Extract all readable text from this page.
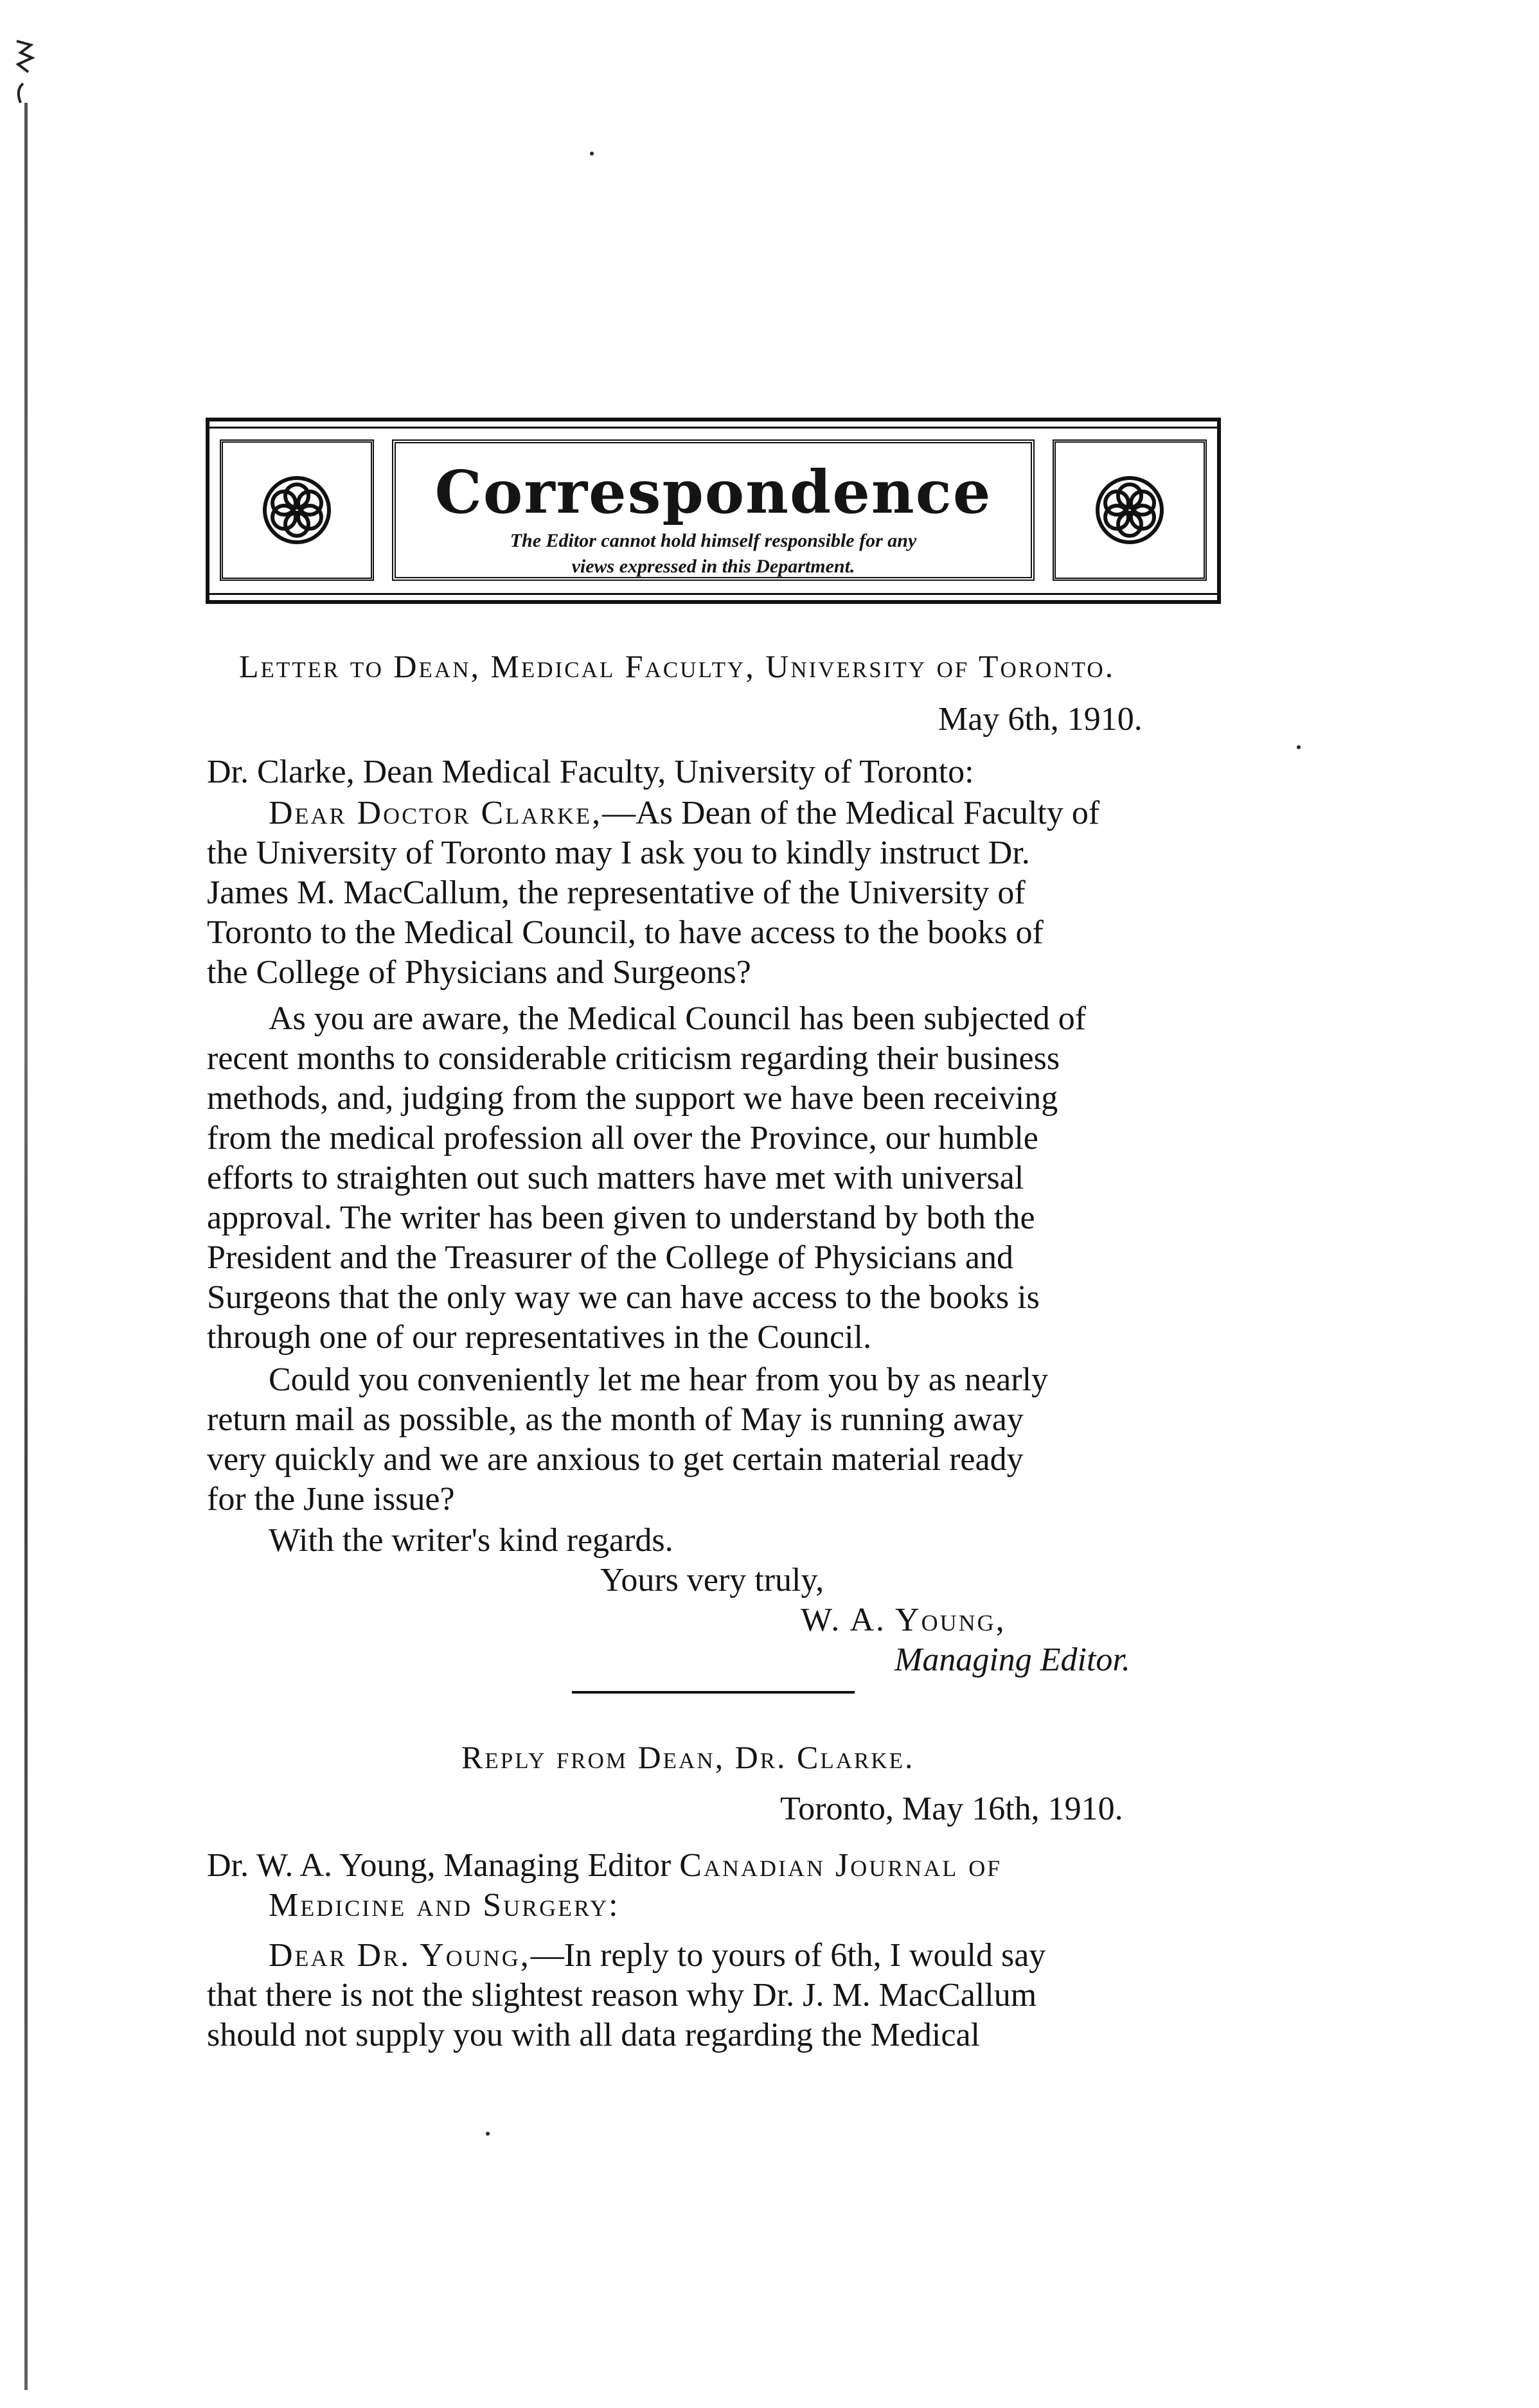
Correspondence
The Editor cannot hold himself responsible for any
views expressed in this Department.
Letter to Dean, Medical Faculty, University of Toronto.
May 6th, 1910.
Dr. Clarke, Dean Medical Faculty, University of Toronto:
Dear Doctor Clarke,—As Dean of the Medical Faculty of
the University of Toronto may I ask you to kindly instruct Dr.
James M. MacCallum, the representative of the University of
Toronto to the Medical Council, to have access to the books of
the College of Physicians and Surgeons?
As you are aware, the Medical Council has been subjected of
recent months to considerable criticism regarding their business
methods, and, judging from the support we have been receiving
from the medical profession all over the Province, our humble
efforts to straighten out such matters have met with universal
approval. The writer has been given to understand by both the
President and the Treasurer of the College of Physicians and
Surgeons that the only way we can have access to the books is
through one of our representatives in the Council.
Could you conveniently let me hear from you by as nearly
return mail as possible, as the month of May is running away
very quickly and we are anxious to get certain material ready
for the June issue?
With the writer's kind regards.
Yours very truly,
W. A. Young,
Managing Editor.
Reply from Dean, Dr. Clarke.
Toronto, May 16th, 1910.
Dr. W. A. Young, Managing Editor Canadian Journal of
Medicine and Surgery:
Dear Dr. Young,—In reply to yours of 6th, I would say
that there is not the slightest reason why Dr. J. M. MacCallum
should not supply you with all data regarding the Medical
